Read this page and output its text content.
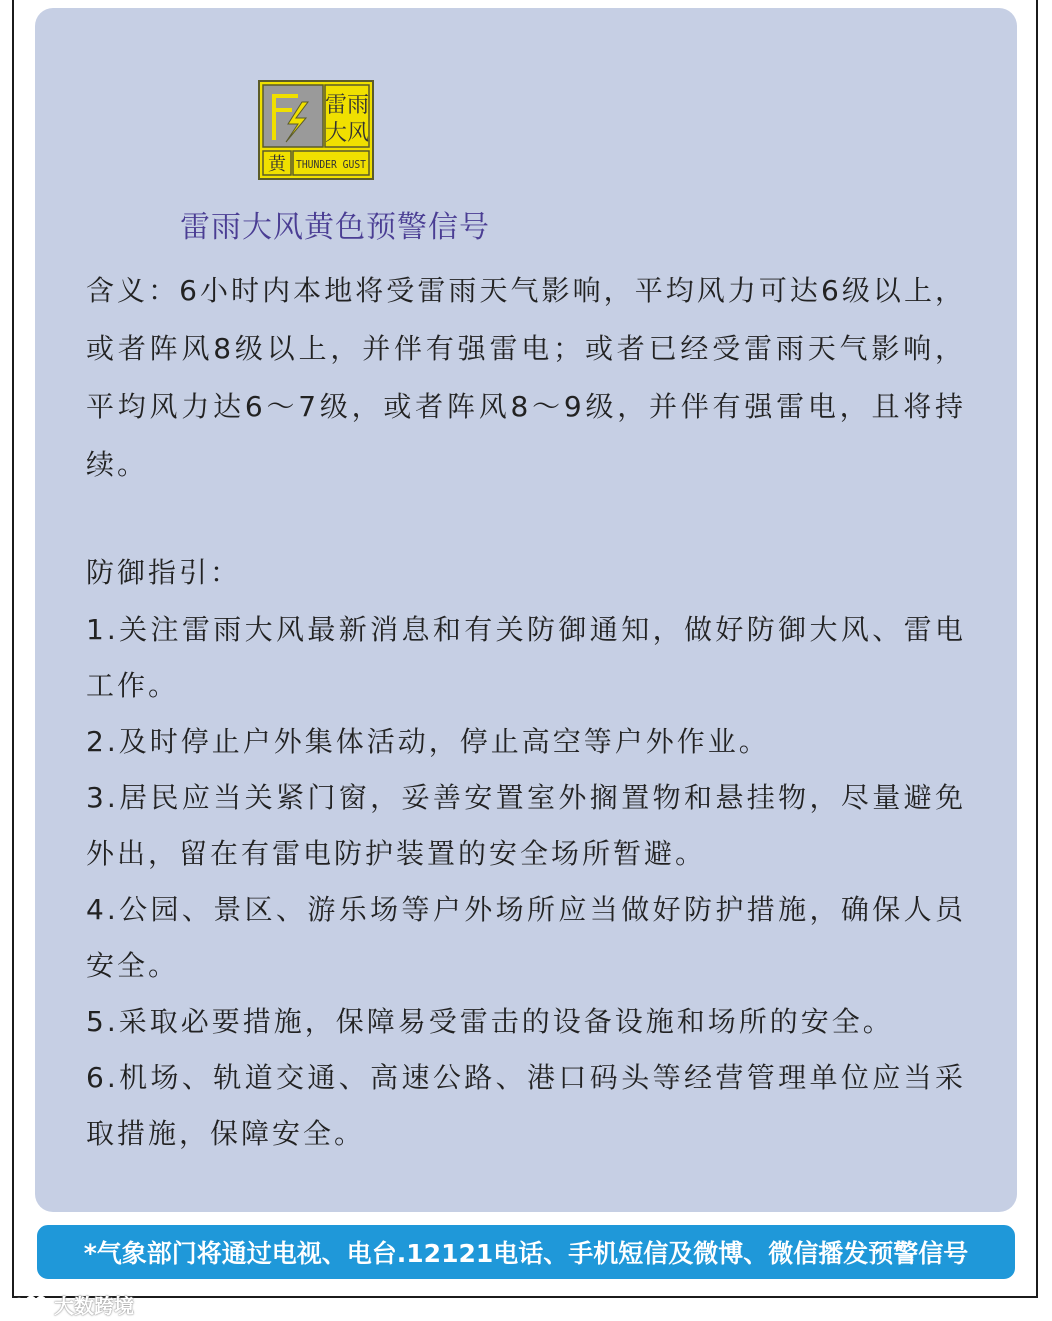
雷雨
大风
黄 THUNDER GUST
雷雨大风黄色预警信号

含义：6小时内本地将受雷雨天气影响，平均风力可达6级以上，或者阵风8级以上，并伴有强雷电；或者已经受雷雨天气影响，平均风力达6～7级，或者阵风8～9级，并伴有强雷电，且将持续。

防御指引：

1.关注雷雨大风最新消息和有关防御通知，做好防御大风、雷电工作。

2.及时停止户外集体活动，停止高空等户外作业。

3.居民应当关紧门窗，妥善安置室外搁置物和悬挂物，尽量避免外出，留在有雷电防护装置的安全场所暂避。

4.公园、景区、游乐场等户外场所应当做好防护措施，确保人员安全。

5.采取必要措施，保障易受雷击的设备设施和场所的安全。

6.机场、轨道交通、高速公路、港口码头等经营管理单位应当采取措施，保障安全。

*气象部门将通过电视、电台.12121电话、手机短信及微博、微信播发预警信号
大数跨境
